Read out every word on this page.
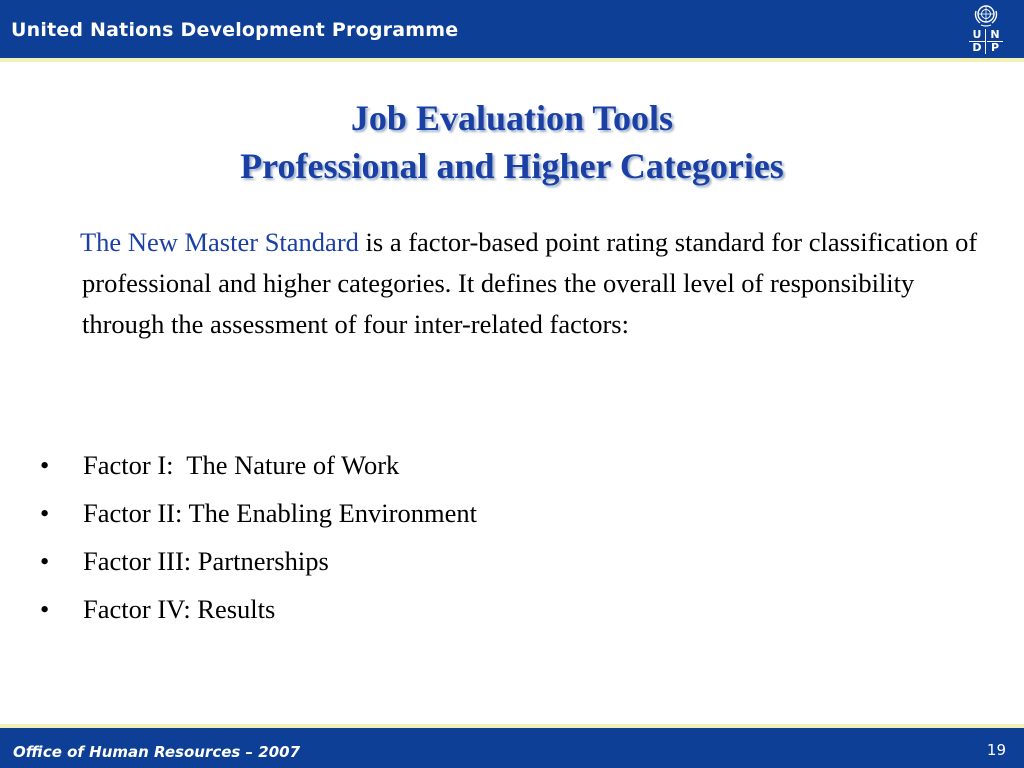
United Nations Development Programme	U N
D P
Job Evaluation Tools
Professional and Higher Categories
The New Master Standard is a factor-based point rating standard for classification of professional and higher categories. It defines the overall level of responsibility through the assessment of four inter-related factors:
• Factor I:  The Nature of Work
• Factor II: The Enabling Environment
• Factor III: Partnerships
• Factor IV: Results
Office of Human Resources – 2007	19
